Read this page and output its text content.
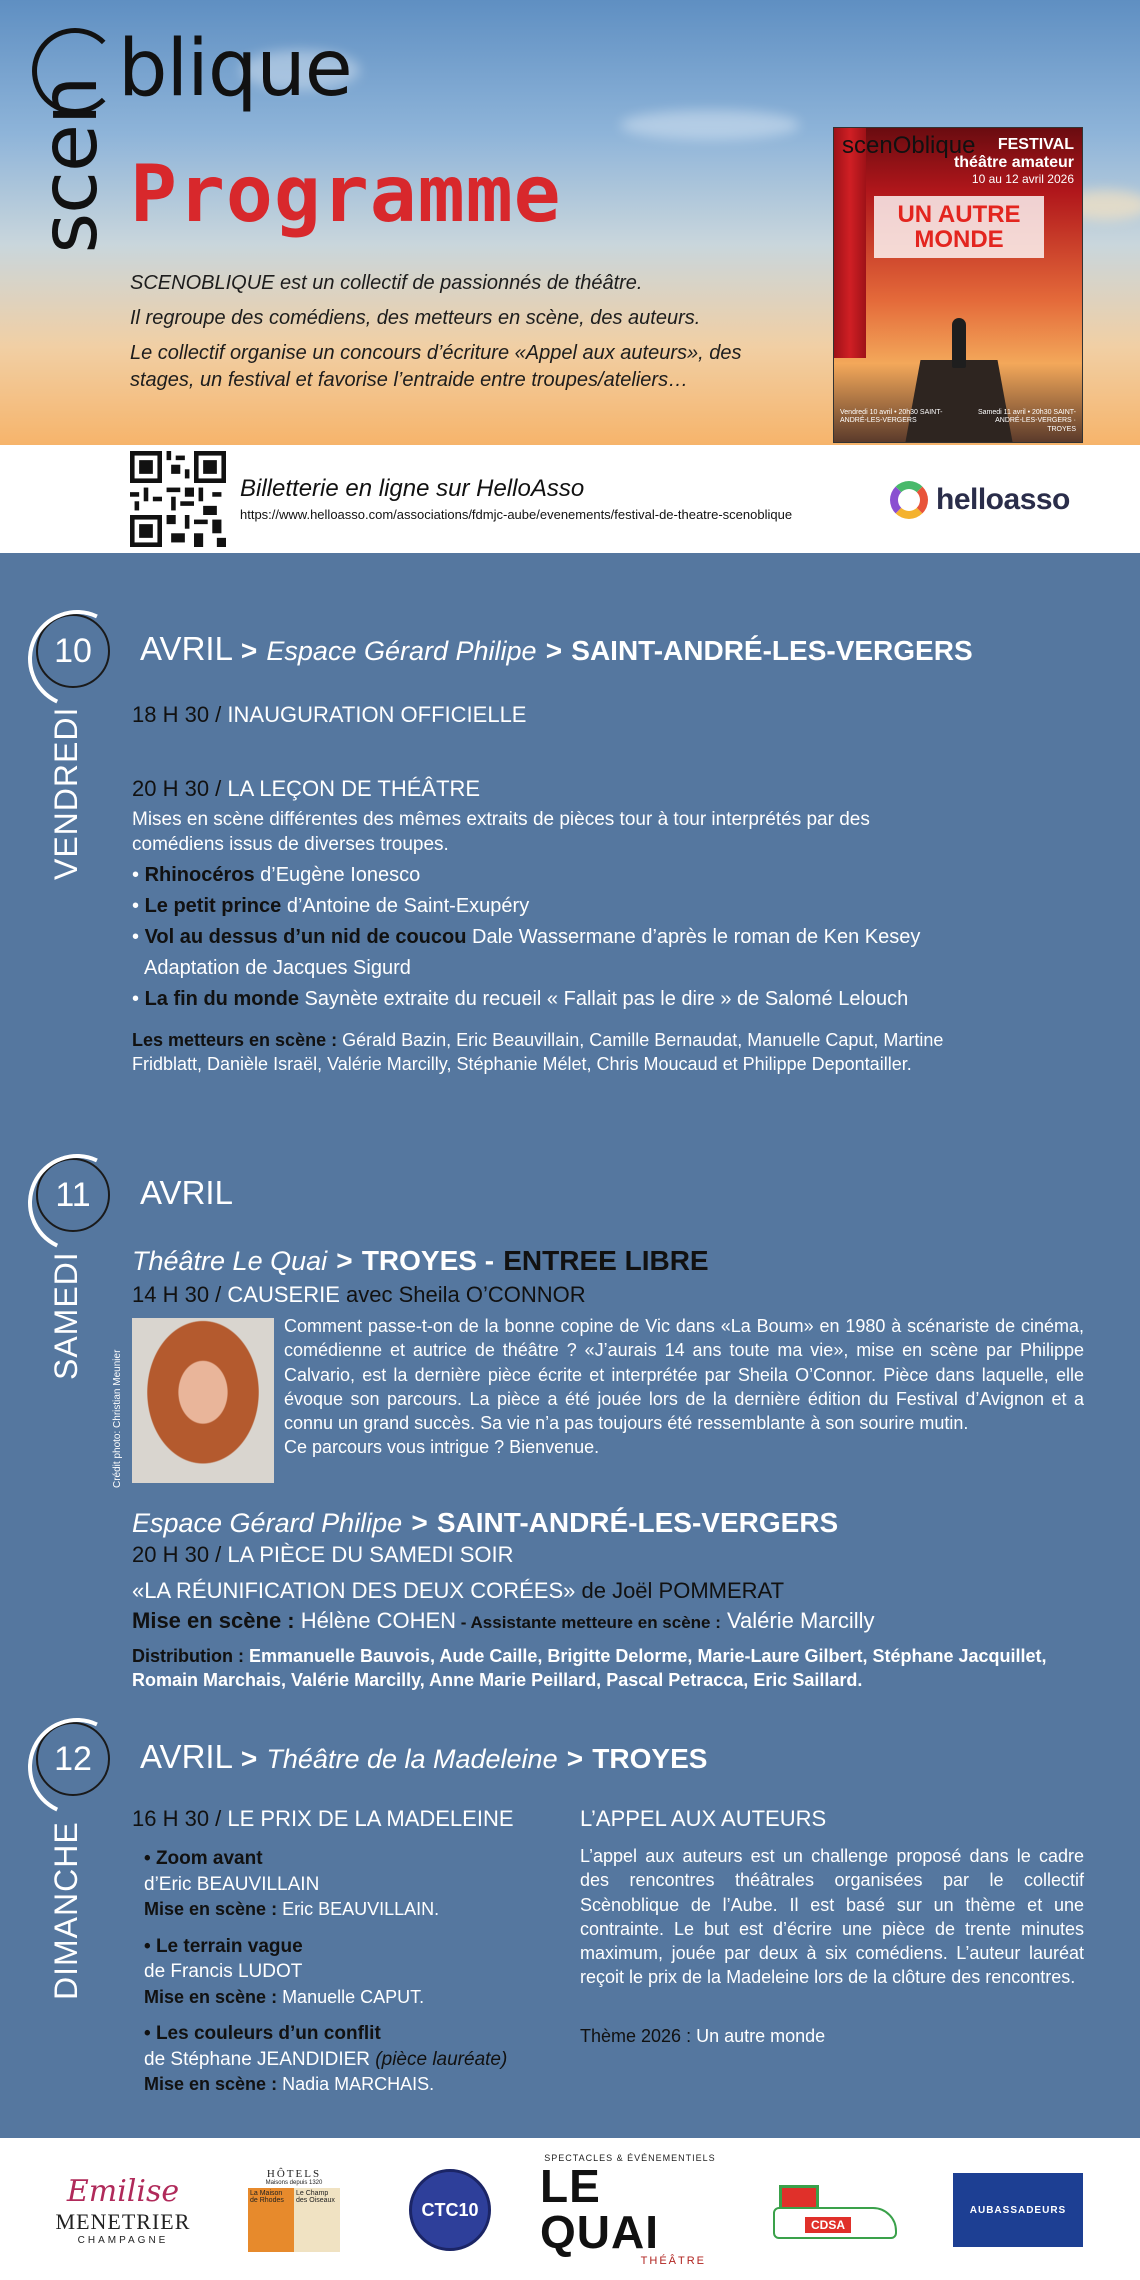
scen
blique
Programme

SCENOBLIQUE est un collectif de passionnés de théâtre.

Il regroupe des comédiens, des metteurs en scène, des auteurs.

Le collectif organise un concours d’écriture «Appel aux auteurs», des stages, un festival et favorise l’entraide entre troupes/ateliers…

scenOblique	FESTIVAL
théâtre amateur
10 au 12 avril 2026
UN AUTRE MONDE
Vendredi 10 avril • 20h30 SAINT-ANDRÉ-LES-VERGERS
Samedi 11 avril • 20h30 SAINT-ANDRÉ-LES-VERGERS · TROYES
Billetterie en ligne sur HelloAsso
https://www.helloasso.com/associations/fdmjc-aube/evenements/festival-de-theatre-scenoblique	helloasso
10
VENDREDI
AVRIL > Espace Gérard Philipe > SAINT-ANDRÉ-LES-VERGERS
18 H 30 / INAUGURATION OFFICIELLE
20 H 30 / LA LEÇON DE THÉÂTRE
Mises en scène différentes des mêmes extraits de pièces tour à tour interprétés par des comédiens issus de diverses troupes.
• Rhinocéros d’Eugène Ionesco
• Le petit prince d’Antoine de Saint-Exupéry
• Vol au dessus d’un nid de coucou Dale Wassermane d’après le roman de Ken Kesey Adaptation de Jacques Sigurd
• La fin du monde Saynète extraite du recueil « Fallait pas le dire » de Salomé Lelouch
Les metteurs en scène : Gérald Bazin, Eric Beauvillain, Camille Bernaudat, Manuelle Caput, Martine Fridblatt, Danièle Israël, Valérie Marcilly, Stéphanie Mélet, Chris Moucaud et Philippe Depontailler.
11
SAMEDI
AVRIL
Théâtre Le Quai > TROYES - ENTREE LIBRE
14 H 30 / CAUSERIE avec Sheila O’CONNOR
Crédit photo: Christian Meunier
Comment passe-t-on de la bonne copine de Vic dans «La Boum» en 1980 à scénariste de cinéma, comédienne et autrice de théâtre ? «J’aurais 14 ans toute ma vie», mise en scène par Philippe Calvario, est la dernière pièce écrite et interprétée par Sheila O’Connor. Pièce dans laquelle, elle évoque son parcours. La pièce a été jouée lors de la dernière édition du Festival d’Avignon et a connu un grand succès. Sa vie n’a pas toujours été ressemblante à son sourire mutin.
Ce parcours vous intrigue ? Bienvenue.
Espace Gérard Philipe > SAINT-ANDRÉ-LES-VERGERS
20 H 30 / LA PIÈCE DU SAMEDI SOIR
«LA RÉUNIFICATION DES DEUX CORÉES» de Joël POMMERAT
Mise en scène : Hélène COHEN - Assistante metteure en scène : Valérie Marcilly
Distribution : Emmanuelle Bauvois, Aude Caille, Brigitte Delorme, Marie-Laure Gilbert, Stéphane Jacquillet, Romain Marchais, Valérie Marcilly, Anne Marie Peillard, Pascal Petracca, Eric Saillard.
12
DIMANCHE
AVRIL > Théâtre de la Madeleine > TROYES
16 H 30 / LE PRIX DE LA MADELEINE
• Zoom avant
d’Eric BEAUVILLAIN
Mise en scène : Eric BEAUVILLAIN.
• Le terrain vague
de Francis LUDOT
Mise en scène : Manuelle CAPUT.
• Les couleurs d’un conflit
de Stéphane JEANDIDIER (pièce lauréate)
Mise en scène : Nadia MARCHAIS.
L’APPEL AUX AUTEURS
L’appel aux auteurs est un challenge proposé dans le cadre des rencontres théâtrales organisées par le collectif Scènoblique de l’Aube. Il est basé sur un thème et une contrainte. Le but est d’écrire une pièce de trente minutes maximum, jouée par deux à six comédiens. L’auteur lauréat reçoit le prix de la Madeleine lors de la clôture des rencontres.
Thème 2026 : Un autre monde
Emilise
MENETRIER
CHAMPAGNE
HÔTELS
Maisons depuis 1320
La Maison de Rhodes
Le Champ des Oiseaux	CTC10
SPECTACLES & ÉVÉNEMENTIELS
LE QUAI
THÉÂTRE
CDSA
AUBASSADEURS
